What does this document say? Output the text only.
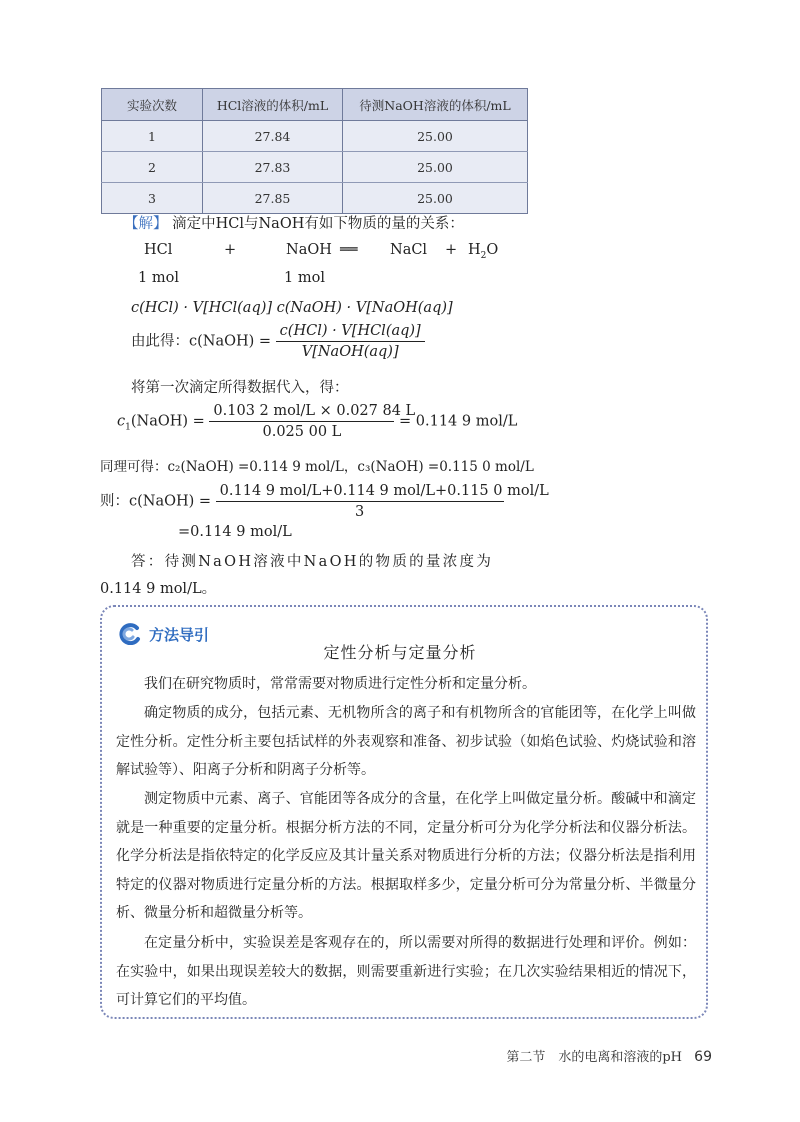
实验次数	HCl溶液的体积/mL	待测NaOH溶液的体积/mL
1	27.84	25.00
2	27.83	25.00
3	27.85	25.00
【解】 滴定中HCl与NaOH有如下物质的量的关系：
HCl	+	NaOH ══ NaCl + $H_2O$
1 mol	1 mol
c(HCl) · V[HCl(aq)] c(NaOH) · V[NaOH(aq)]
由此得：c(NaOH) = $\frac{\text{c(HCl) · V[HCl(aq)]}}{\text{V[NaOH(aq)]}}$
将第一次滴定所得数据代入，得：
$c_1(NaOH) = \frac{\text{0.103 2 mol/L × 0.027 84 L}}{0.025 00 L} = 0.114$ 9 mol/L
同理可得：c₂(NaOH) =0.114 9 mol/L，c₃(NaOH) =0.115 0 mol/L
则：c(NaOH) = $\frac{\text{0.114 9 mol/L+0.114 9 mol/L+0.115 0 mol/L}}{3}$
=0.114 9 mol/L
答：待测NaOH溶液中NaOH的物质的量浓度为
0.114 9 mol/L。
方法导引
定性分析与定量分析

我们在研究物质时，常常需要对物质进行定性分析和定量分析。

确定物质的成分，包括元素、无机物所含的离子和有机物所含的官能团等，在化学上叫做定性分析。定性分析主要包括试样的外表观察和准备、初步试验（如焰色试验、灼烧试验和溶解试验等）、阳离子分析和阴离子分析等。

测定物质中元素、离子、官能团等各成分的含量，在化学上叫做定量分析。酸碱中和滴定就是一种重要的定量分析。根据分析方法的不同，定量分析可分为化学分析法和仪器分析法。化学分析法是指依特定的化学反应及其计量关系对物质进行分析的方法；仪器分析法是指利用特定的仪器对物质进行定量分析的方法。根据取样多少，定量分析可分为常量分析、半微量分析、微量分析和超微量分析等。

在定量分析中，实验误差是客观存在的，所以需要对所得的数据进行处理和评价。例如：在实验中，如果出现误差较大的数据，则需要重新进行实验；在几次实验结果相近的情况下，可计算它们的平均值。

第二节　水的电离和溶液的pH 69
